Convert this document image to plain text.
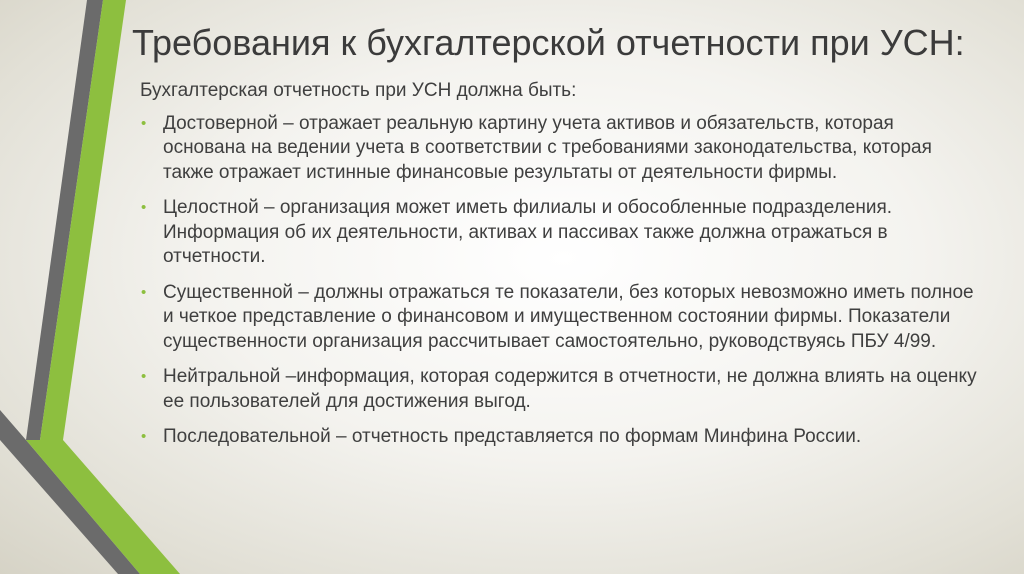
Требования к бухгалтерской отчетности при УСН:

Бухгалтерская отчетность при УСН должна быть:

• Достоверной – отражает реальную картину учета активов и обязательств, которая основана на ведении учета в соответствии с требованиями законодательства, которая также отражает истинные финансовые результаты от деятельности фирмы.
• Целостной – организация может иметь филиалы и обособленные подразделения. Информация об их деятельности, активах и пассивах также должна отражаться в отчетности.
• Существенной – должны отражаться те показатели, без которых невозможно иметь полное и четкое представление о финансовом и имущественном состоянии фирмы. Показатели существенности организация рассчитывает самостоятельно, руководствуясь ПБУ 4/99.
• Нейтральной –информация, которая содержится в отчетности, не должна влиять на оценку ее пользователей для достижения выгод.
• Последовательной – отчетность представляется по формам Минфина России.
